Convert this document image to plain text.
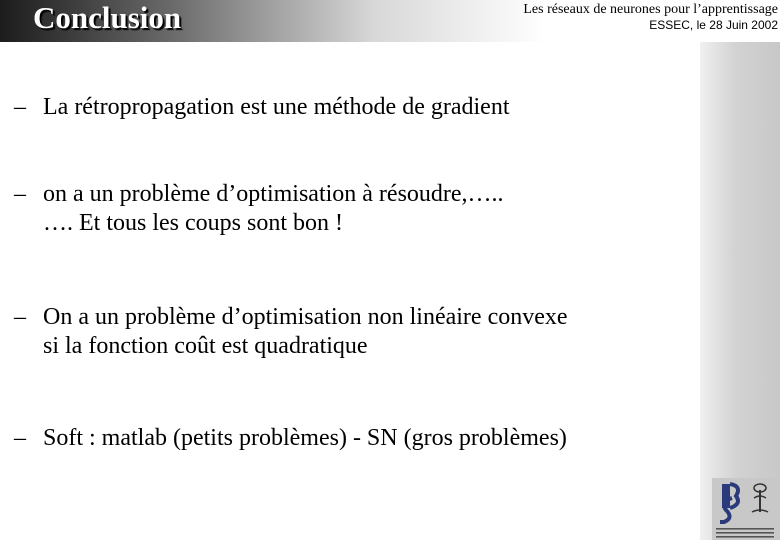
Conclusion	Les réseaux de neurones pour l’apprentissage
ESSEC, le 28 Juin 2002
– La rétropropagation est une méthode de gradient
– on a un problème d’optimisation à résoudre,…..
…. Et tous les coups sont bon !
– On a un problème d’optimisation non linéaire convexe
si la fonction coût est quadratique
– Soft : matlab (petits problèmes) - SN (gros problèmes)
